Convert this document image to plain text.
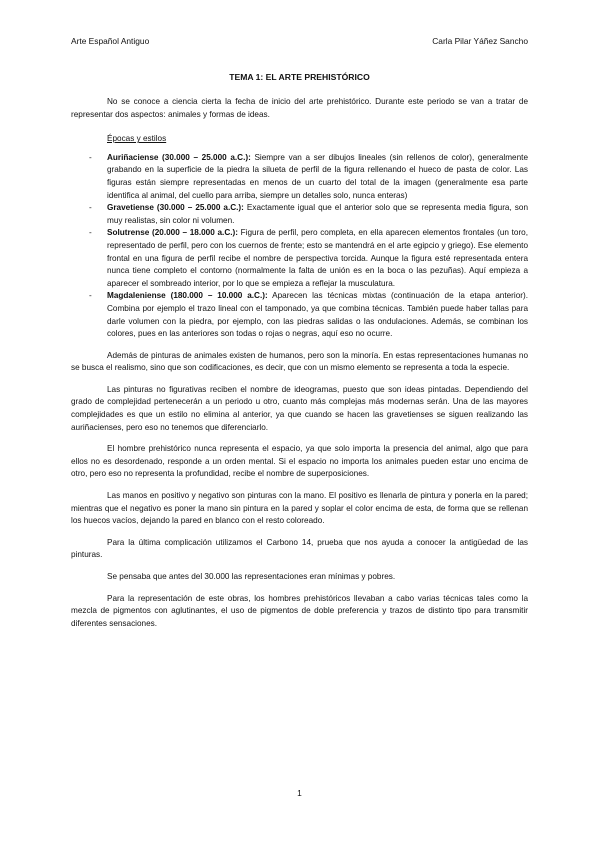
Arte Español Antiguo	Carla Pilar Yáñez Sancho
TEMA 1: EL ARTE PREHISTÓRICO

No se conoce a ciencia cierta la fecha de inicio del arte prehistórico. Durante este periodo se van a tratar de representar dos aspectos: animales y formas de ideas.

Épocas y estilos
- Auriñaciense (30.000 – 25.000 a.C.): Siempre van a ser dibujos lineales (sin rellenos de color), generalmente grabando en la superficie de la piedra la silueta de perfil de la figura rellenando el hueco de pasta de color. Las figuras están siempre representadas en menos de un cuarto del total de la imagen (generalmente esa parte identifica al animal, del cuello para arriba, siempre un detalles solo, nunca enteras)
- Gravetiense (30.000 – 25.000 a.C.): Exactamente igual que el anterior solo que se representa media figura, son muy realistas, sin color ni volumen.
- Solutrense (20.000 – 18.000 a.C.): Figura de perfil, pero completa, en ella aparecen elementos frontales (un toro, representado de perfil, pero con los cuernos de frente; esto se mantendrá en el arte egipcio y griego). Ese elemento frontal en una figura de perfil recibe el nombre de perspectiva torcida. Aunque la figura esté representada entera nunca tiene completo el contorno (normalmente la falta de unión es en la boca o las pezuñas). Aquí empieza a aparecer el sombreado interior, por lo que se empieza a reflejar la musculatura.
- Magdaleniense (180.000 – 10.000 a.C.): Aparecen las técnicas mixtas (continuación de la etapa anterior). Combina por ejemplo el trazo lineal con el tamponado, ya que combina técnicas. También puede haber tallas para darle volumen con la piedra, por ejemplo, con las piedras salidas o las ondulaciones. Además, se combinan los colores, pues en las anteriores son todas o rojas o negras, aquí eso no ocurre.

Además de pinturas de animales existen de humanos, pero son la minoría. En estas representaciones humanas no se busca el realismo, sino que son codificaciones, es decir, que con un mismo elemento se representa a toda la especie.

Las pinturas no figurativas reciben el nombre de ideogramas, puesto que son ideas pintadas. Dependiendo del grado de complejidad pertenecerán a un periodo u otro, cuanto más complejas más modernas serán. Una de las mayores complejidades es que un estilo no elimina al anterior, ya que cuando se hacen las gravetienses se siguen realizando las auriñacienses, pero eso no tenemos que diferenciarlo.

El hombre prehistórico nunca representa el espacio, ya que solo importa la presencia del animal, algo que para ellos no es desordenado, responde a un orden mental. Si el espacio no importa los animales pueden estar uno encima de otro, pero eso no representa la profundidad, recibe el nombre de superposiciones.

Las manos en positivo y negativo son pinturas con la mano. El positivo es llenarla de pintura y ponerla en la pared; mientras que el negativo es poner la mano sin pintura en la pared y soplar el color encima de esta, de forma que se rellenan los huecos vacíos, dejando la pared en blanco con el resto coloreado.

Para la última complicación utilizamos el Carbono 14, prueba que nos ayuda a conocer la antigüedad de las pinturas.

Se pensaba que antes del 30.000 las representaciones eran mínimas y pobres.

Para la representación de este obras, los hombres prehistóricos llevaban a cabo varias técnicas tales como la mezcla de pigmentos con aglutinantes, el uso de pigmentos de doble preferencia y trazos de distinto tipo para transmitir diferentes sensaciones.

1
